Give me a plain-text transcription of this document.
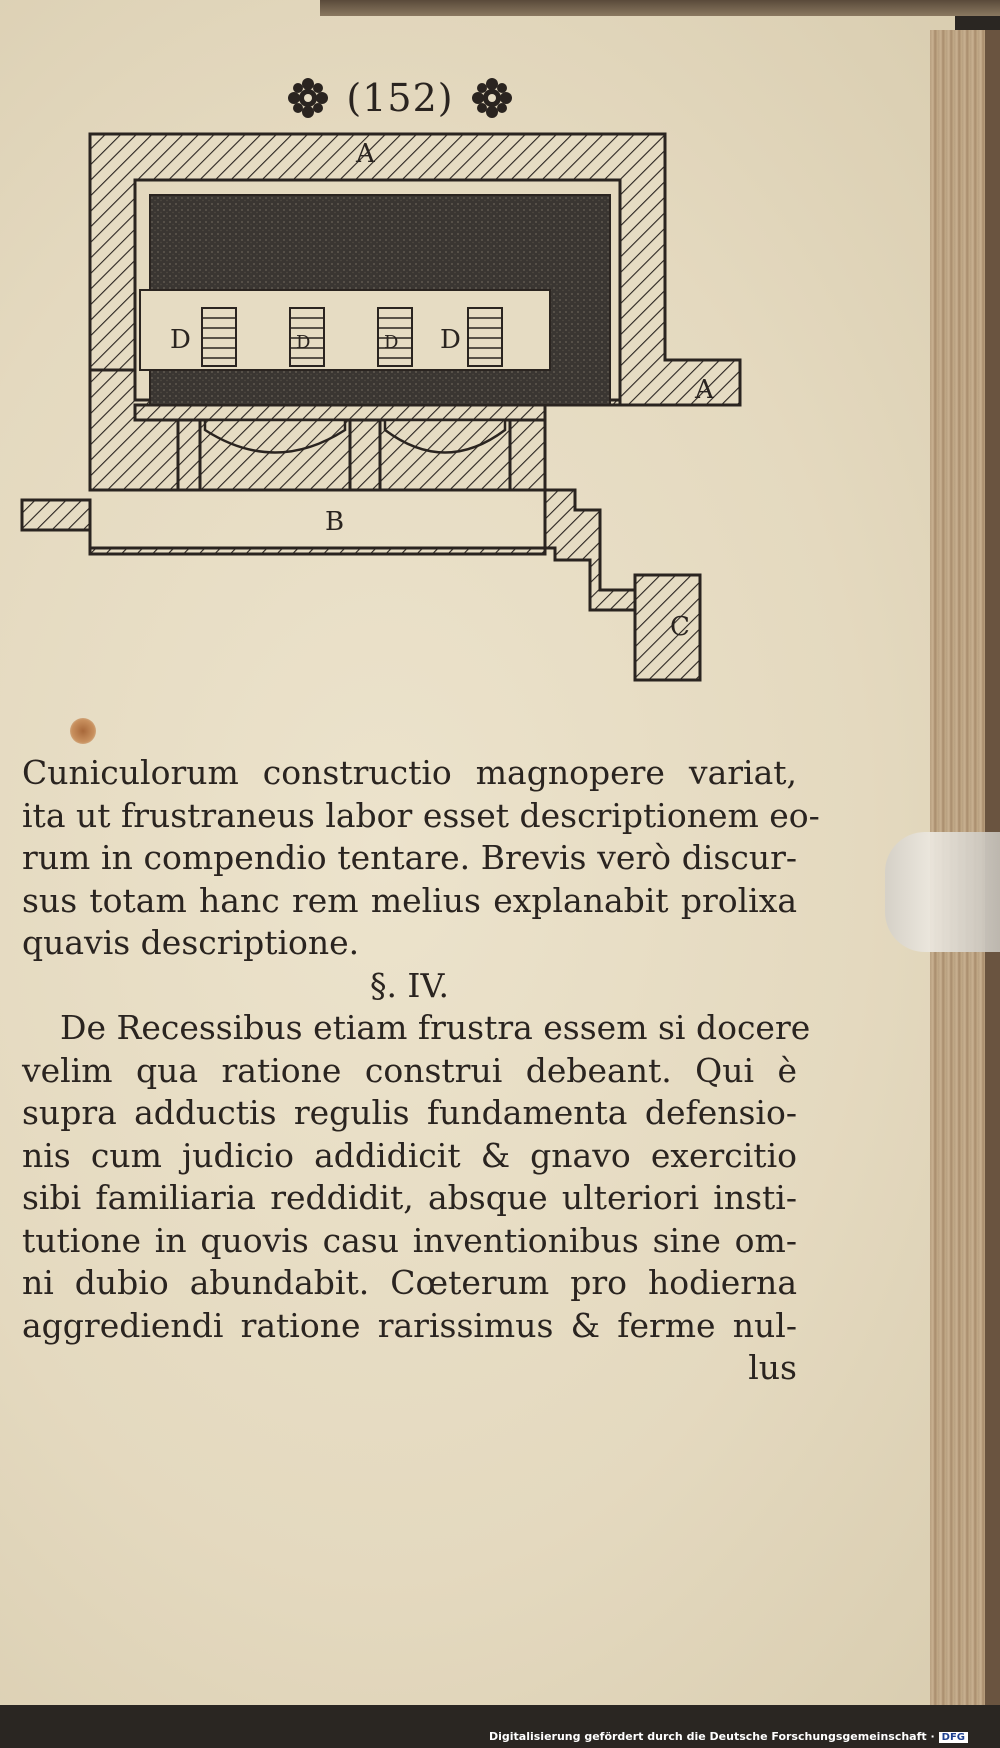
(152)
A
A
B
C
D	D	D D
Cuniculorum constructio magnopere variat,
ita ut frustraneus labor esset descriptionem eo-
rum in compendio tentare. Brevis verò discur-
sus totam hanc rem melius explanabit prolixa
quavis descriptione.
§. IV.
De Recessibus etiam frustra essem si docere
velim qua ratione construi debeant. Qui è
supra adductis regulis fundamenta defensio-
nis cum judicio addidicit & gnavo exercitio
sibi familiaria reddidit, absque ulteriori insti-
tutione in quovis casu inventionibus sine om-
ni dubio abundabit. Cœterum pro hodierna
aggrediendi ratione rarissimus & ferme nul-
lus
Digitalisierung gefördert durch die Deutsche Forschungsgemeinschaft · DFG
